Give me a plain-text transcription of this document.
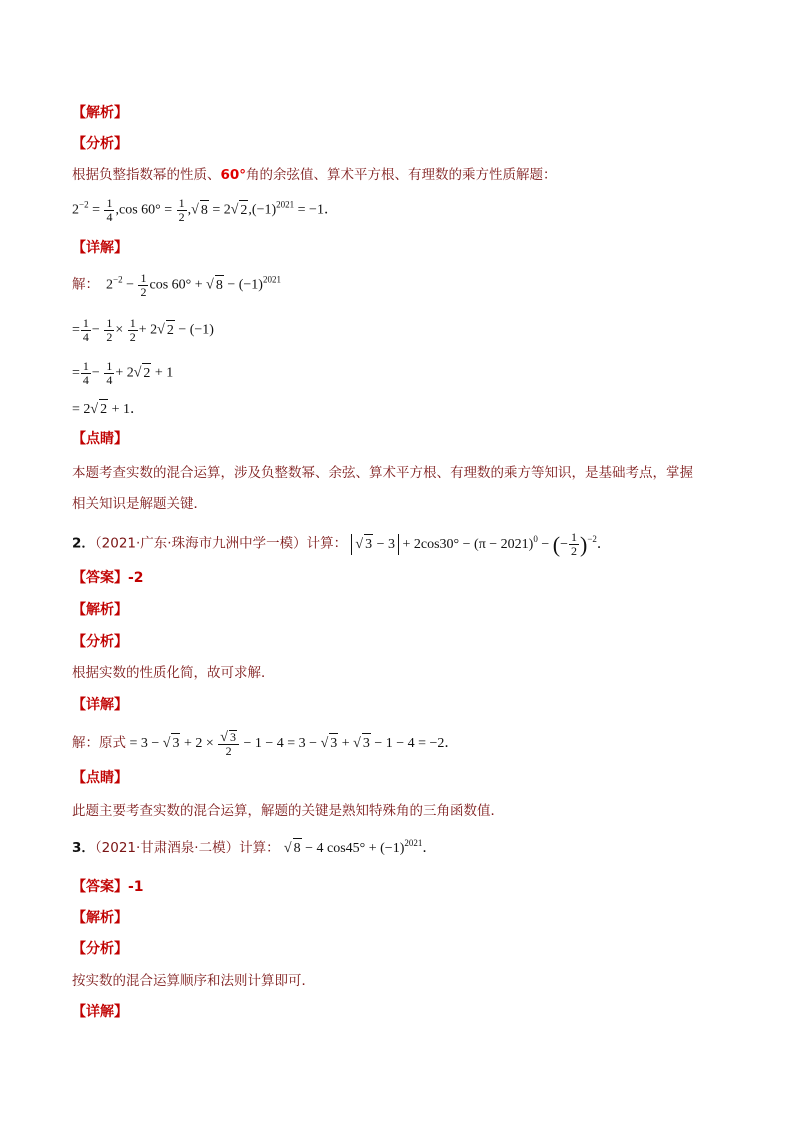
【解析】
【分析】
根据负整指数幂的性质、60°角的余弦值、算术平方根、有理数的乘方性质解题：
$2^{-2} = \frac{1}{4} ,\cos$ $60^\circ = \frac{1}{2}$ ,√ 8 = 2√ $2,(-1)^{2021} = -1$．
【详解】
解：  $2^{-2} - \frac{1}{2}$ cos 60° + √ $8 - (-1)^{2021}$
= $\frac{1}{4} - \frac{1}{2} \times \frac{1}{2} + 2√$ 2 − (−1)
= $\frac{1}{4} - \frac{1}{4} + 2√$ 2 + 1
= 2√ 2 + 1．
【点睛】
本题考查实数的混合运算，涉及负整数幂、余弦、算术平方根、有理数的乘方等知识，是基础考点，掌握
相关知识是解题关键．
2．（2021·广东·珠海市九洲中学一模）计算： √ $3 - 3 + 2\cos 30^\circ - (\pi - 2021)^0$ − (− $\frac{1}{2} )^{-2}$．
【答案】-2
【解析】
【分析】
根据实数的性质化简，故可求解．
【详解】
解：原式 = 3 − √ $3 + 2 \times \frac{√ 3}{2} - 1 - 4 = 3$ − √ 3 + √ 3 − 1 − 4 = −2．
【点睛】
此题主要考查实数的混合运算，解题的关键是熟知特殊角的三角函数值．
3．（2021·甘肃酒泉·二模）计算： √ 8 − 4 $\cos 45^\circ + (-1)^{2021}$．
【答案】-1
【解析】
【分析】
按实数的混合运算顺序和法则计算即可．
【详解】
